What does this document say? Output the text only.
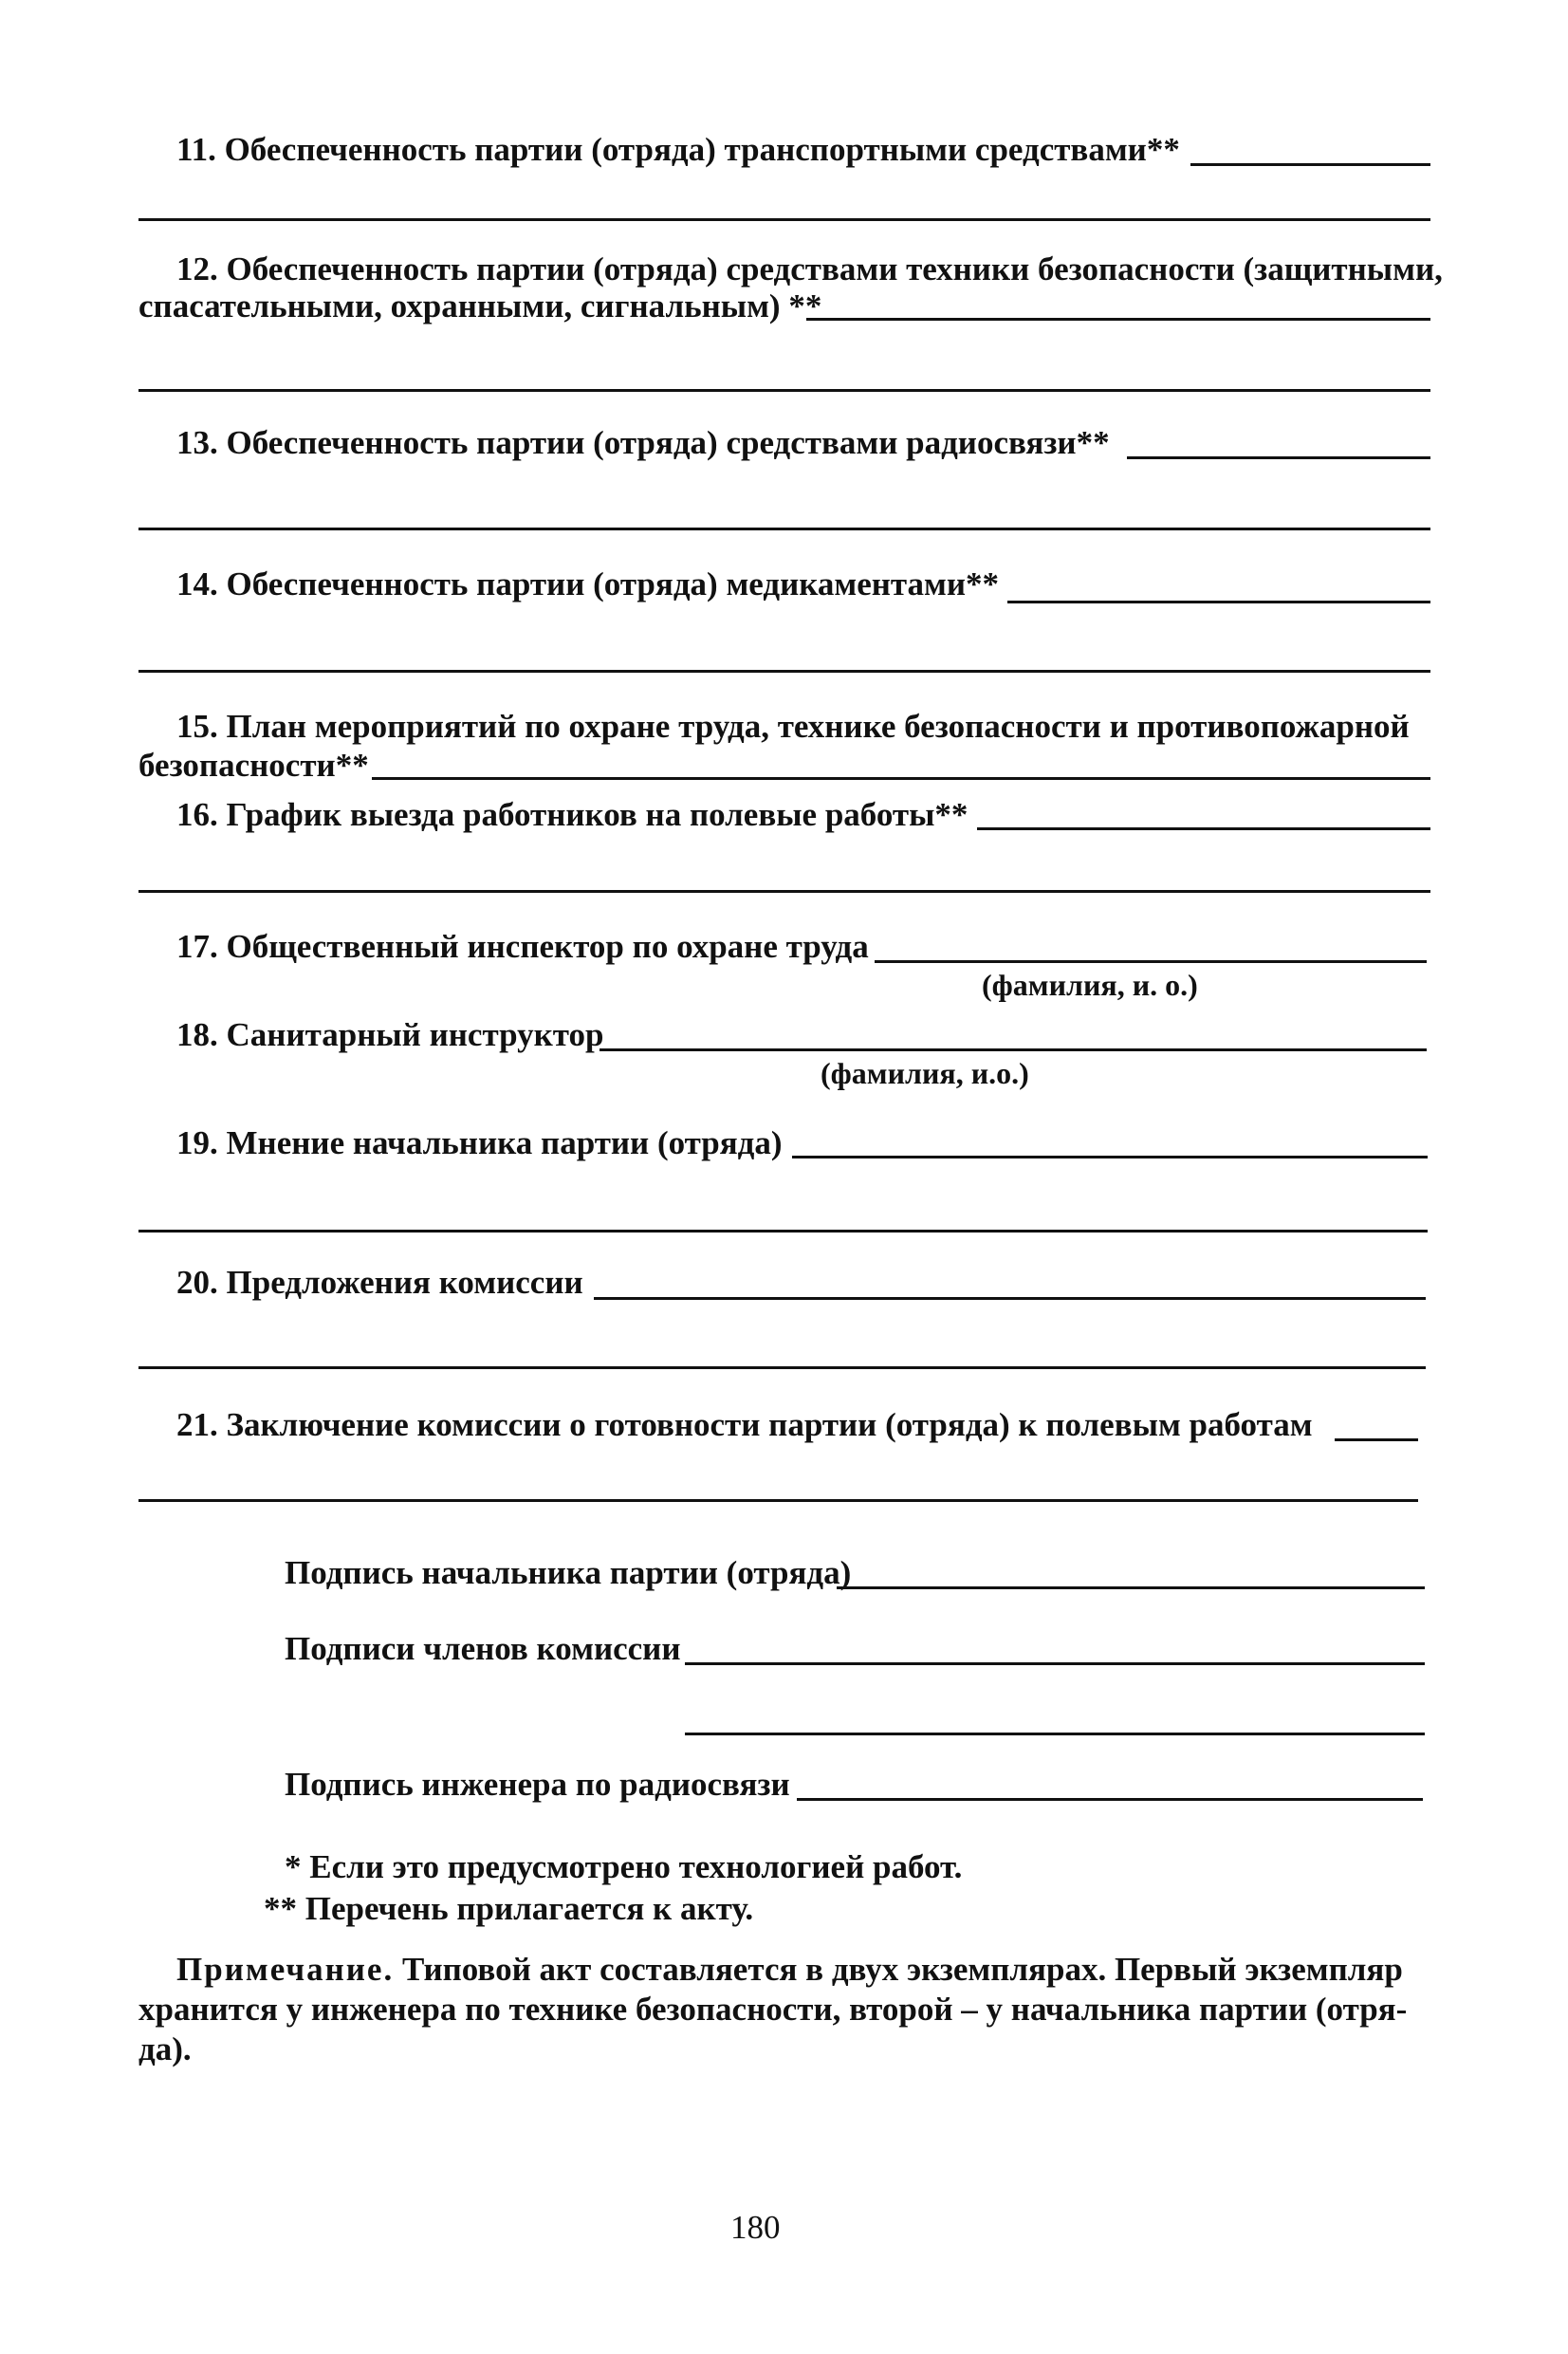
11. Обеспеченность партии (отряда) транспортными средствами**
12. Обеспеченность партии (отряда) средствами техники безопасности (защитными,
спасательными, охранными, сигнальным) **
13. Обеспеченность партии (отряда) средствами радиосвязи**
14. Обеспеченность партии (отряда) медикаментами**
15. План мероприятий по охране труда, технике безопасности и противопожарной
безопасности**
16. График выезда работников на полевые работы**
17. Общественный инспектор по охране труда
(фамилия, и. о.)
18. Санитарный инструктор
(фамилия, и.о.)
19. Мнение начальника партии (отряда)
20. Предложения комиссии
21. Заключение комиссии о готовности партии (отряда) к полевым работам
Подпись начальника партии (отряда)
Подписи членов комиссии
Подпись инженера по радиосвязи
* Если это предусмотрено технологией работ.
** Перечень прилагается к акту.
Примечание. Типовой акт составляется в двух экземплярах. Первый экземпляр
хранится у инженера по технике безопасности, второй – у начальника партии (отря-
да).
180
